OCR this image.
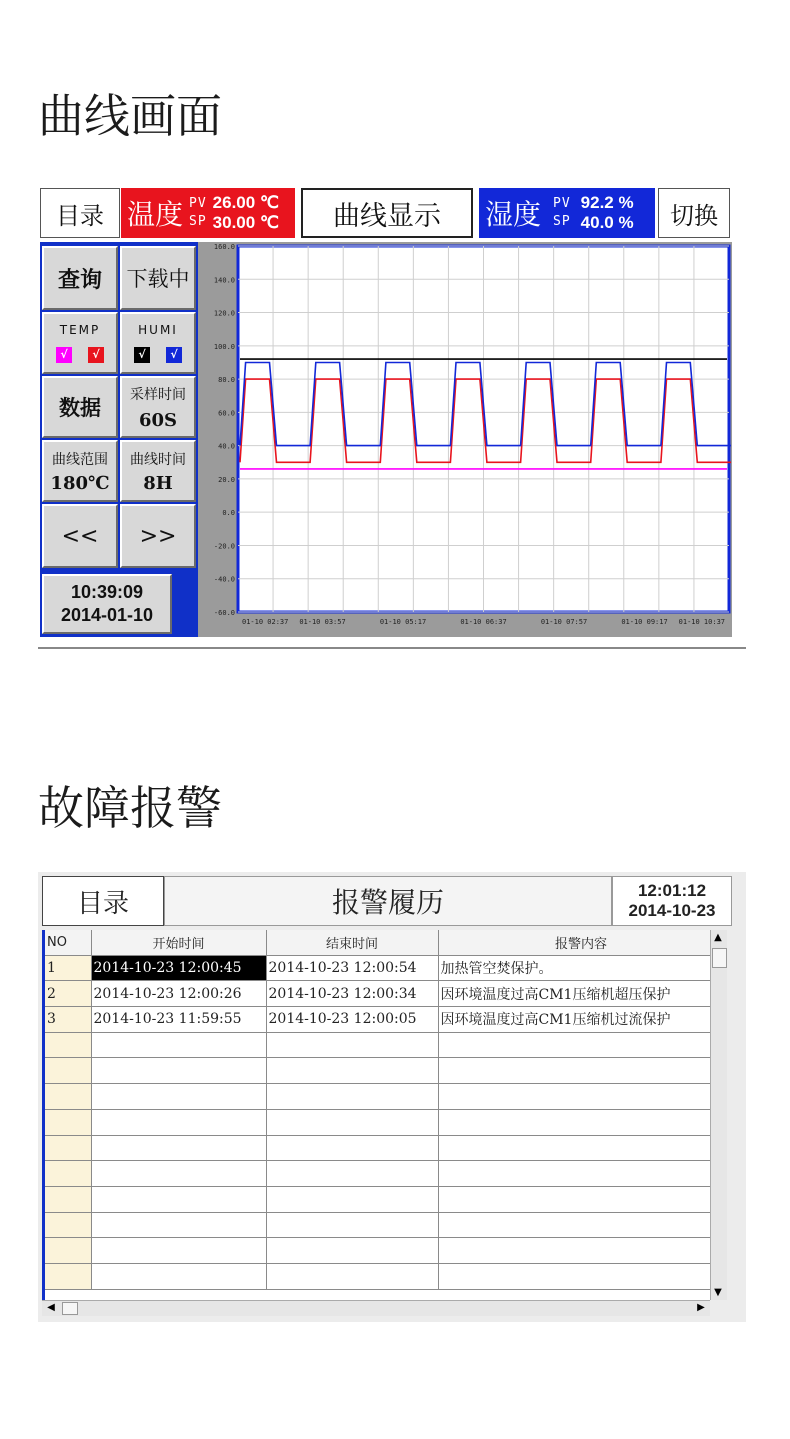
曲线画面
目录 温度 PV
SP
26.00 ℃
30.00 ℃	曲线显示	湿度 PV
SP
92.2 %
40.0 %	切换
查询 下载中
TEMP
√ √
HUMI
√ √
数据
采样时间
60S
曲线范围
180℃
曲线时间
8H
<< >>
10:39:09
2014-01-10
160.0
140.0
120.0
100.0
80.0
60.0
40.0
20.0
0.0
-20.0
-40.0
-60.0
01-10 02:37 01-10 03:57	01-10 05:17	01-10 06:37	01-10 07:57	01-10 09:17 01-10 10:37
故障报警
目录	报警履历	12:01:12
2014-10-23
NO	开始时间	结束时间	报警内容
1	2014-10-23 12:00:45	2014-10-23 12:00:54	加热管空焚保护。
2	2014-10-23 12:00:26	2014-10-23 12:00:34	因环境温度过高CM1压缩机超压保护
3	2014-10-23 11:59:55	2014-10-23 12:00:05	因环境温度过高CM1压缩机过流保护

▲
▼
◀	▶
